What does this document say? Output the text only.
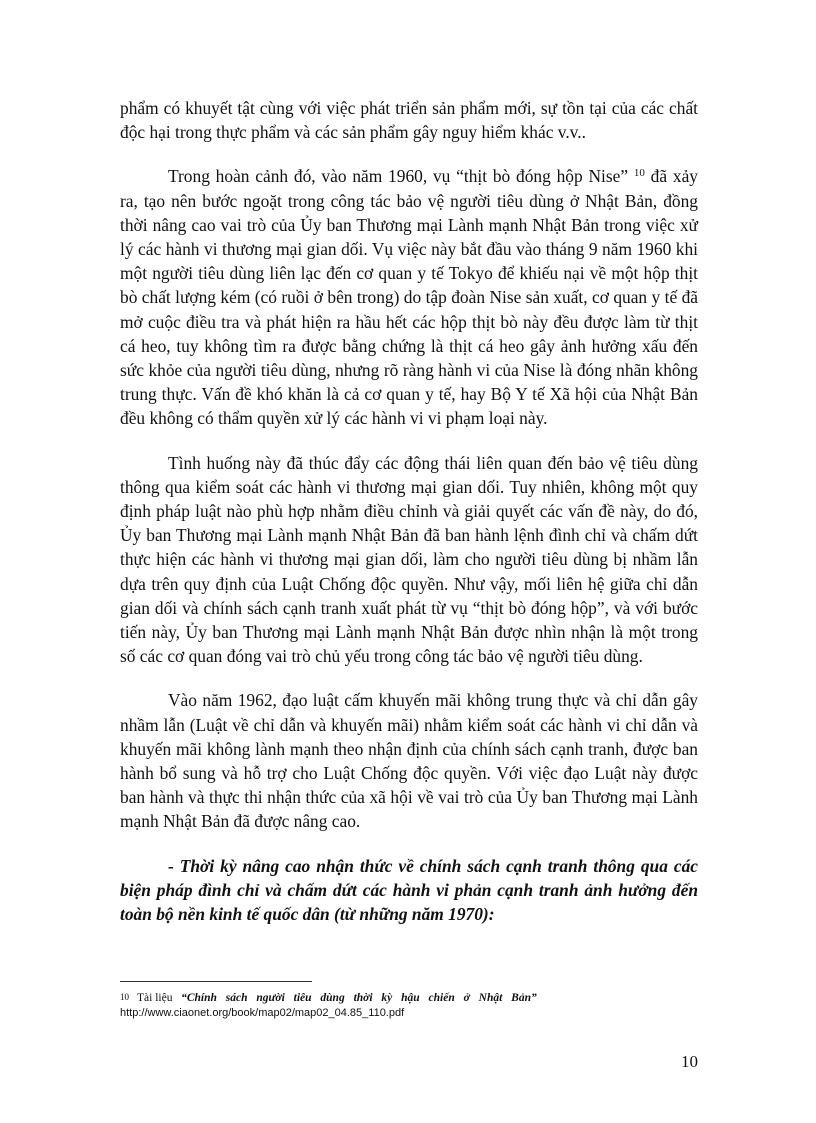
phẩm có khuyết tật cùng với việc phát triển sản phẩm mới, sự tồn tại của các chất độc hại trong thực phẩm và các sản phẩm gây nguy hiểm khác v.v..

Trong hoàn cảnh đó, vào năm 1960, vụ “thịt bò đóng hộp Nise” $^{10}$ đã xảy ra, tạo nên bước ngoặt trong công tác bảo vệ người tiêu dùng ở Nhật Bản, đồng thời nâng cao vai trò của Ủy ban Thương mại Lành mạnh Nhật Bản trong việc xử lý các hành vi thương mại gian dối. Vụ việc này bắt đầu vào tháng 9 năm 1960 khi một người tiêu dùng liên lạc đến cơ quan y tế Tokyo để khiếu nại về một hộp thịt bò chất lượng kém (có ruồi ở bên trong) do tập đoàn Nise sản xuất, cơ quan y tế đã mở cuộc điều tra và phát hiện ra hầu hết các hộp thịt bò này đều được làm từ thịt cá heo, tuy không tìm ra được bằng chứng là thịt cá heo gây ảnh hưởng xấu đến sức khỏe của người tiêu dùng, nhưng rõ ràng hành vi của Nise là đóng nhãn không trung thực. Vấn đề khó khăn là cả cơ quan y tế, hay Bộ Y tế Xã hội của Nhật Bản đều không có thẩm quyền xử lý các hành vi vi phạm loại này.

Tình huống này đã thúc đẩy các động thái liên quan đến bảo vệ tiêu dùng thông qua kiểm soát các hành vi thương mại gian dối. Tuy nhiên, không một quy định pháp luật nào phù hợp nhằm điều chỉnh và giải quyết các vấn đề này, do đó, Ủy ban Thương mại Lành mạnh Nhật Bản đã ban hành lệnh đình chỉ và chấm dứt thực hiện các hành vi thương mại gian dối, làm cho người tiêu dùng bị nhầm lẫn dựa trên quy định của Luật Chống độc quyền. Như vậy, mối liên hệ giữa chỉ dẫn gian dối và chính sách cạnh tranh xuất phát từ vụ “thịt bò đóng hộp”, và với bước tiến này, Ủy ban Thương mại Lành mạnh Nhật Bản được nhìn nhận là một trong số các cơ quan đóng vai trò chủ yếu trong công tác bảo vệ người tiêu dùng.

Vào năm 1962, đạo luật cấm khuyến mãi không trung thực và chỉ dẫn gây nhầm lẫn (Luật về chỉ dẫn và khuyến mãi) nhằm kiểm soát các hành vi chỉ dẫn và khuyến mãi không lành mạnh theo nhận định của chính sách cạnh tranh, được ban hành bổ sung và hỗ trợ cho Luật Chống độc quyền. Với việc đạo Luật này được ban hành và thực thi nhận thức của xã hội về vai trò của Ủy ban Thương mại Lành mạnh Nhật Bản đã được nâng cao.

- Thời kỳ nâng cao nhận thức về chính sách cạnh tranh thông qua các biện pháp đình chỉ và chấm dứt các hành vi phản cạnh tranh ảnh hưởng đến toàn bộ nền kinh tế quốc dân (từ những năm 1970):

10 Tài liệu “Chính sách người tiêu dùng thời kỳ hậu chiến ở Nhật Bản”
http://www.ciaonet.org/book/map02/map02_04.85_110.pdf
10
